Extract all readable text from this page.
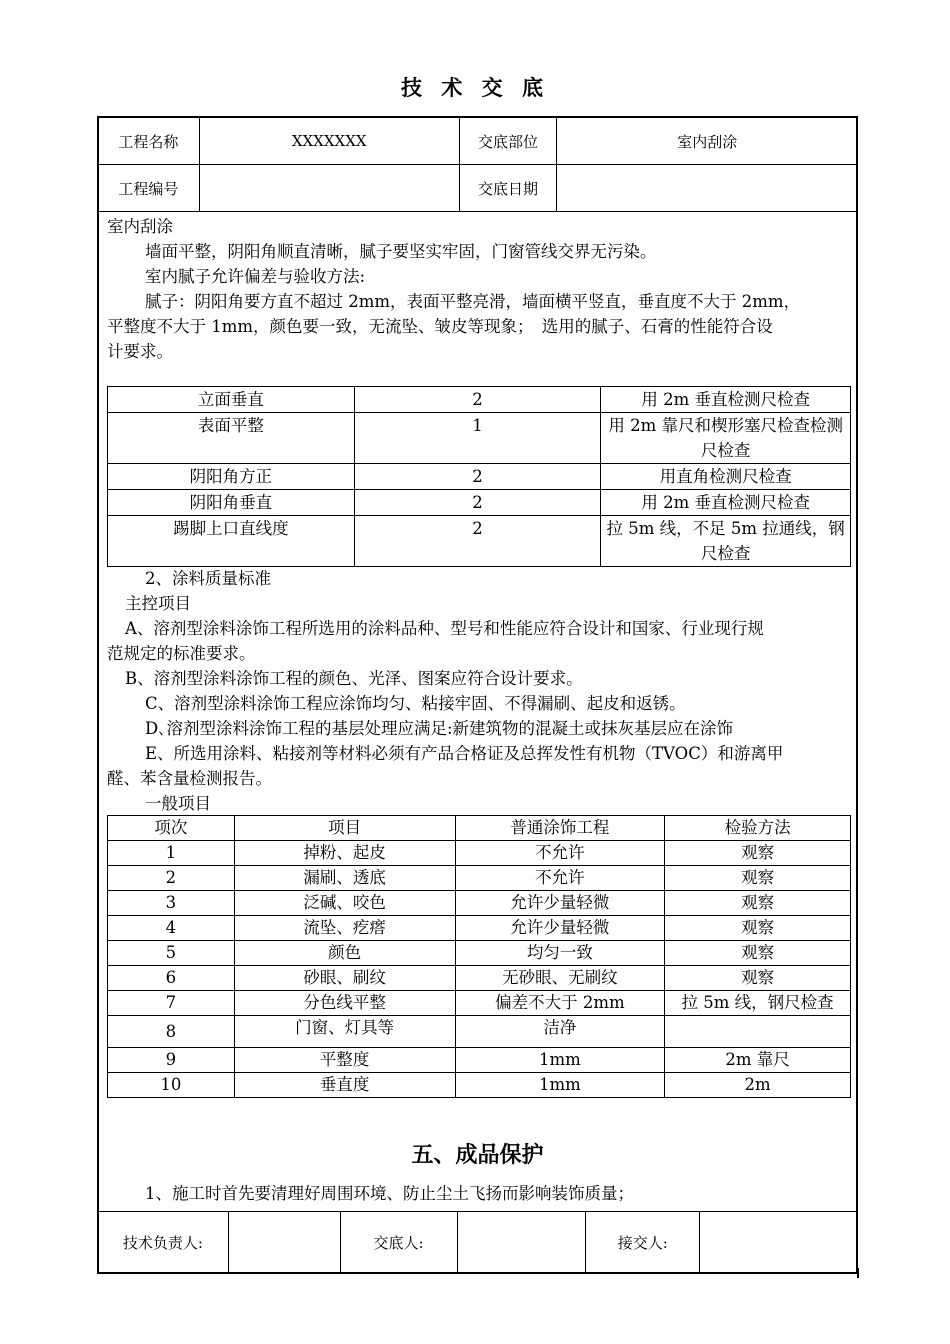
技 术 交 底
工程名称	XXXXXXX	交底部位	室内刮涂
工程编号		交底日期	

室内刮涂

墙面平整，阴阳角顺直清晰，腻子要坚实牢固，门窗管线交界无污染。

室内腻子允许偏差与验收方法:

腻子：阴阳角要方直不超过 2mm，表面平整亮滑，墙面横平竖直，垂直度不大于 2mm，

平整度不大于 1mm，颜色要一致，无流坠、皱皮等现象；　选用的腻子、石膏的性能符合设

计要求。

立面垂直	2	用 2m 垂直检测尺检查
表面平整	1	用 2m 靠尺和楔形塞尺检查检测尺检查
阴阳角方正	2	用直角检测尺检查
阴阳角垂直	2	用 2m 垂直检测尺检查
踢脚上口直线度	2	拉 5m 线，不足 5m 拉通线，钢尺检查

2、涂料质量标准

主控项目

A、溶剂型涂料涂饰工程所选用的涂料品种、型号和性能应符合设计和国家、行业现行规

范规定的标准要求。

B、溶剂型涂料涂饰工程的颜色、光泽、图案应符合设计要求。

C、溶剂型涂料涂饰工程应涂饰均匀、粘接牢固、不得漏刷、起皮和返锈。

D､溶剂型涂料涂饰工程的基层处理应满足:新建筑物的混凝土或抹灰基层应在涂饰

E、所选用涂料、粘接剂等材料必须有产品合格证及总挥发性有机物（TVOC）和游离甲

醛、苯含量检测报告。

一般项目

项次	项目	普通涂饰工程	检验方法
1	掉粉、起皮	不允许	观察
2	漏刷、透底	不允许	观察
3	泛碱、咬色	允许少量轻微	观察
4	流坠、疙瘩	允许少量轻微	观察
5	颜色	均匀一致	观察
6	砂眼、刷纹	无砂眼、无刷纹	观察
7	分色线平整	偏差不大于 2mm	拉 5m 线，钢尺检查
8	门窗、灯具等	洁净	
9	平整度	1mm	2m 靠尺
10	垂直度	1mm	2m
五、成品保护
1、施工时首先要清理好周围环境、防止尘土飞扬而影响装饰质量；
技术负责人:		交底人:		接交人:	
